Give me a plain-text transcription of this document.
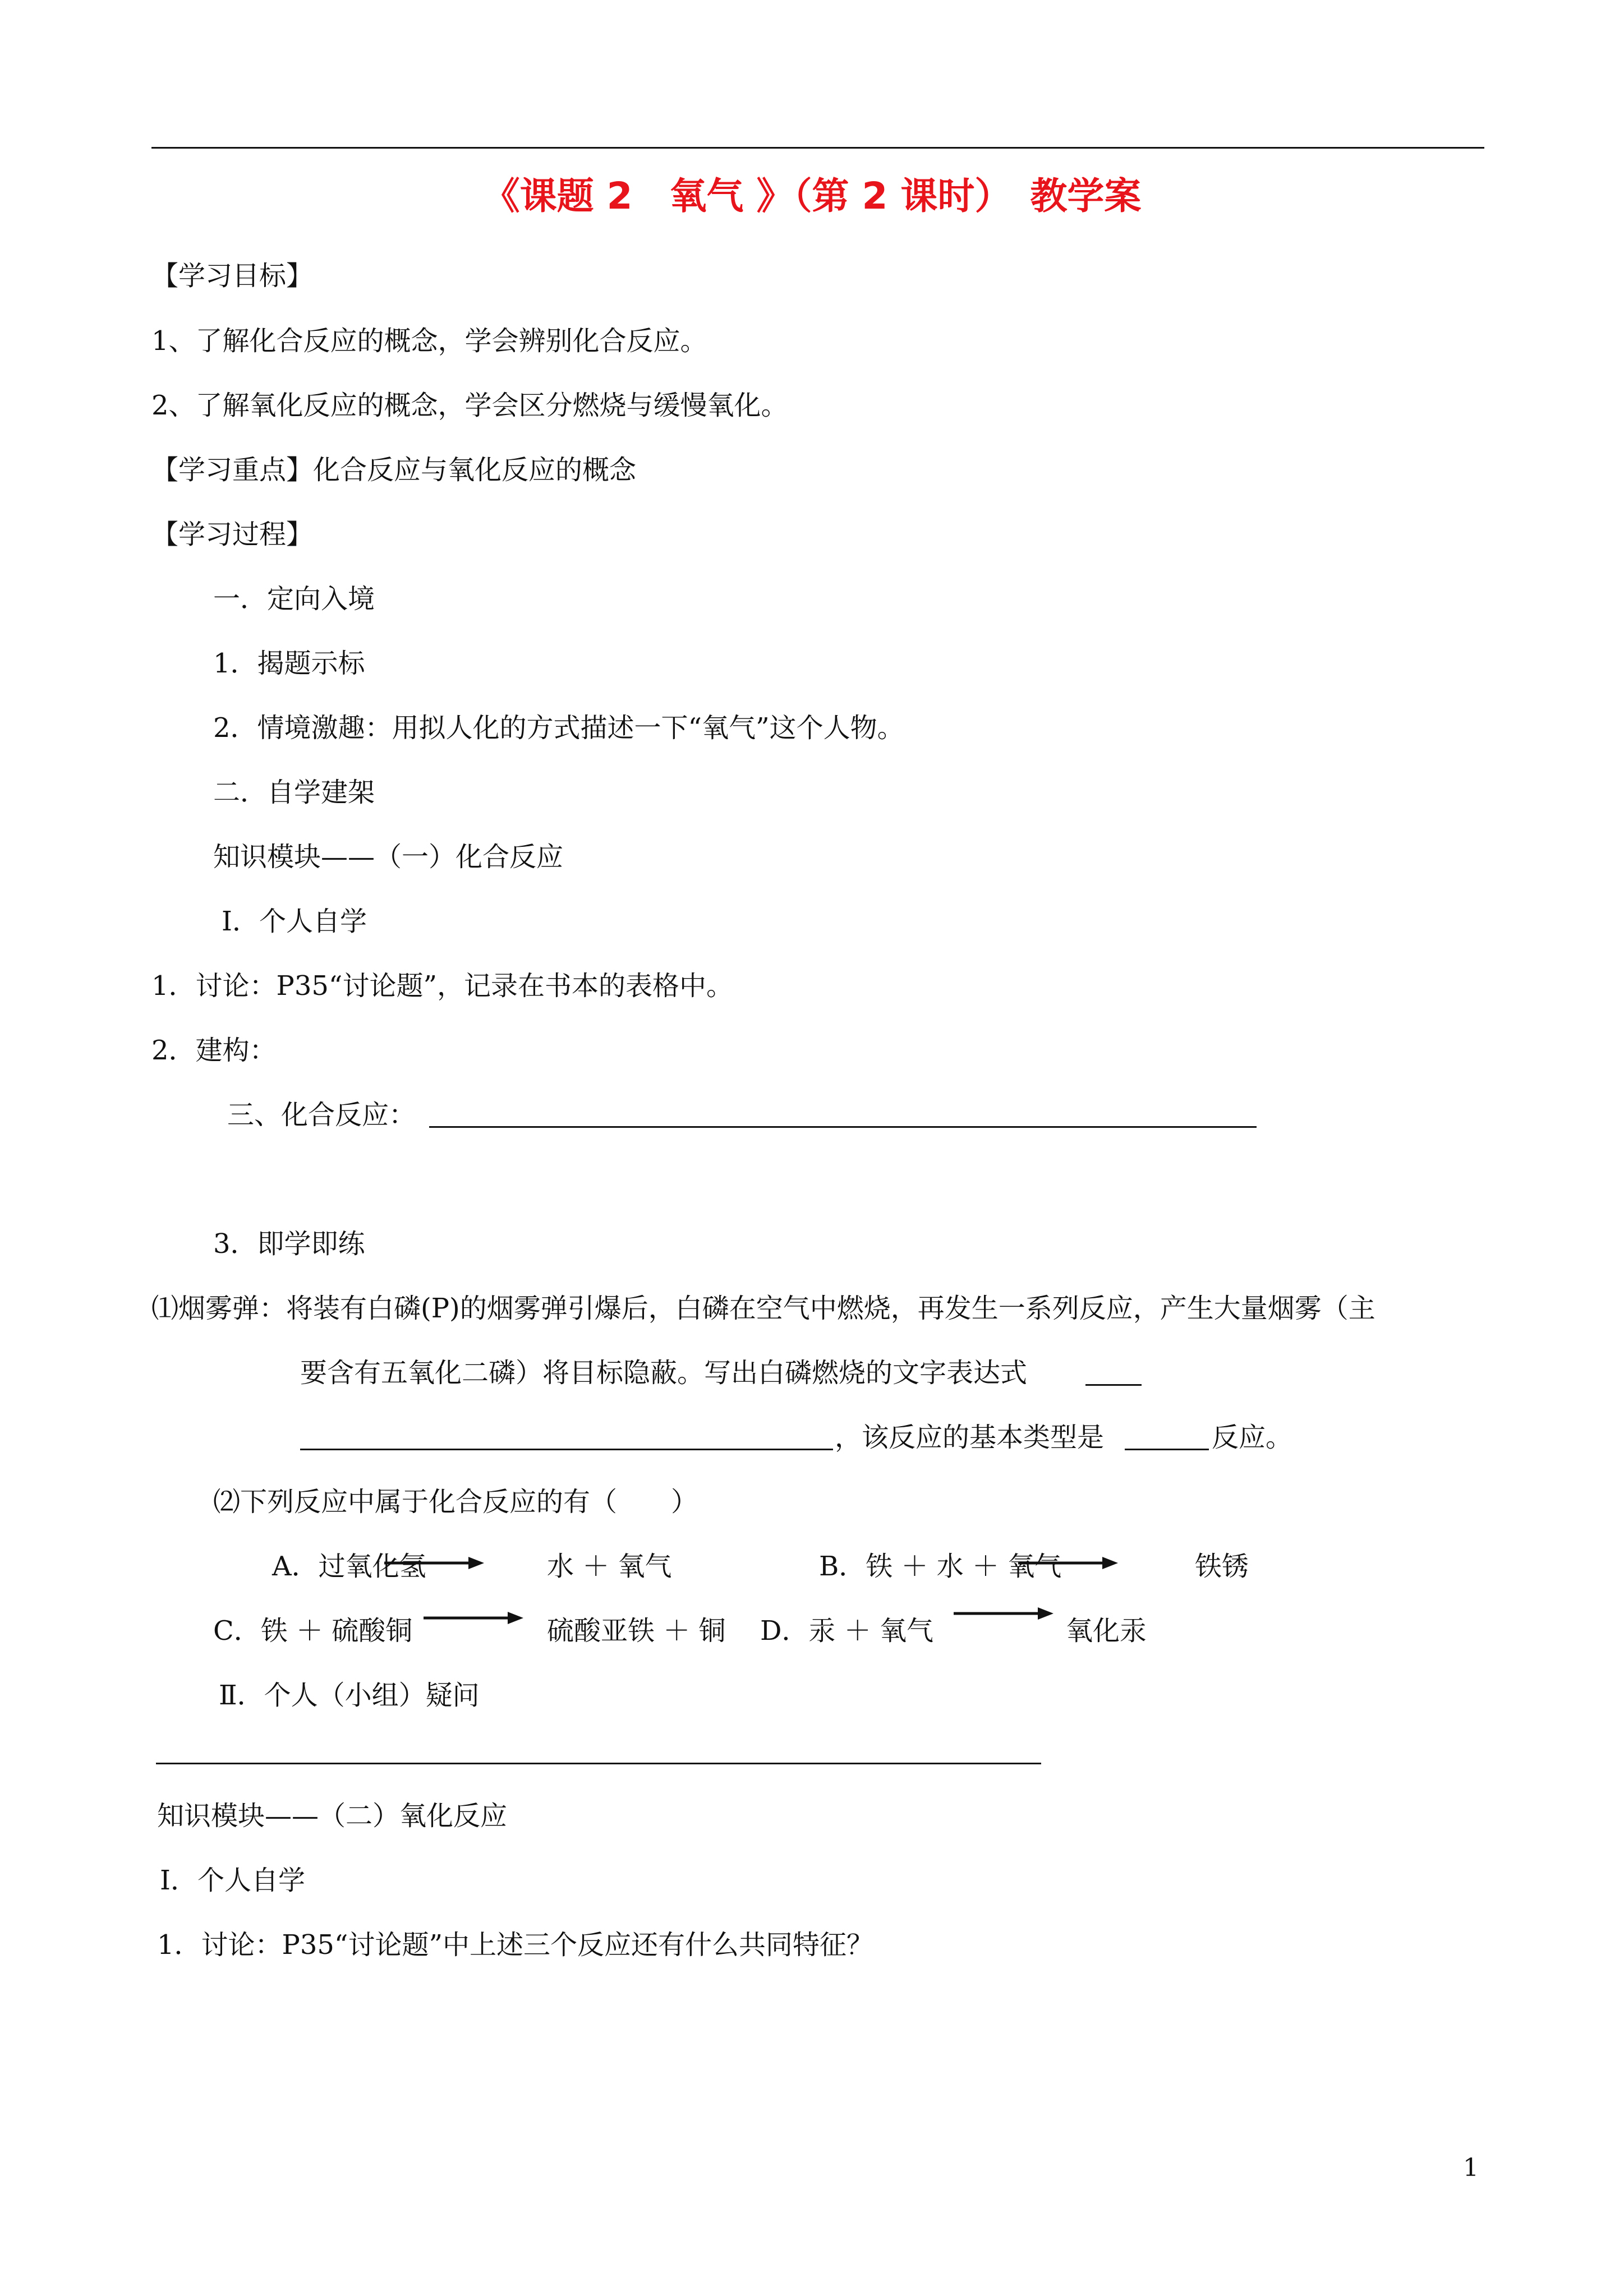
《课题 2　氧气 》（第 2 课时）　教学案
【学习目标】
1、了解化合反应的概念，学会辨别化合反应。
2、了解氧化反应的概念，学会区分燃烧与缓慢氧化。
【学习重点】化合反应与氧化反应的概念
【学习过程】
一．定向入境
1．揭题示标
2．情境激趣：用拟人化的方式描述一下“氧气”这个人物。
二．自学建架
知识模块——（一）化合反应
Ⅰ．个人自学
1．讨论：P35“讨论题”，记录在书本的表格中。
2．建构：
三、化合反应：
3．即学即练
⑴烟雾弹：将装有白磷(P)的烟雾弹引爆后，白磷在空气中燃烧，再发生一系列反应，产生大量烟雾（主
要含有五氧化二磷）将目标隐蔽。写出白磷燃烧的文字表达式
，该反应的基本类型是	反应。
⑵下列反应中属于化合反应的有（　　）
A．过氧化氢	水 ＋ 氧气	B．铁 ＋ 水 ＋ 氧气	铁锈
C．铁 ＋ 硫酸铜	硫酸亚铁 ＋ 铜 D．汞 ＋ 氧气	氧化汞
Ⅱ．个人（小组）疑问
知识模块——（二）氧化反应
Ⅰ．个人自学
1．讨论：P35“讨论题”中上述三个反应还有什么共同特征？
1
